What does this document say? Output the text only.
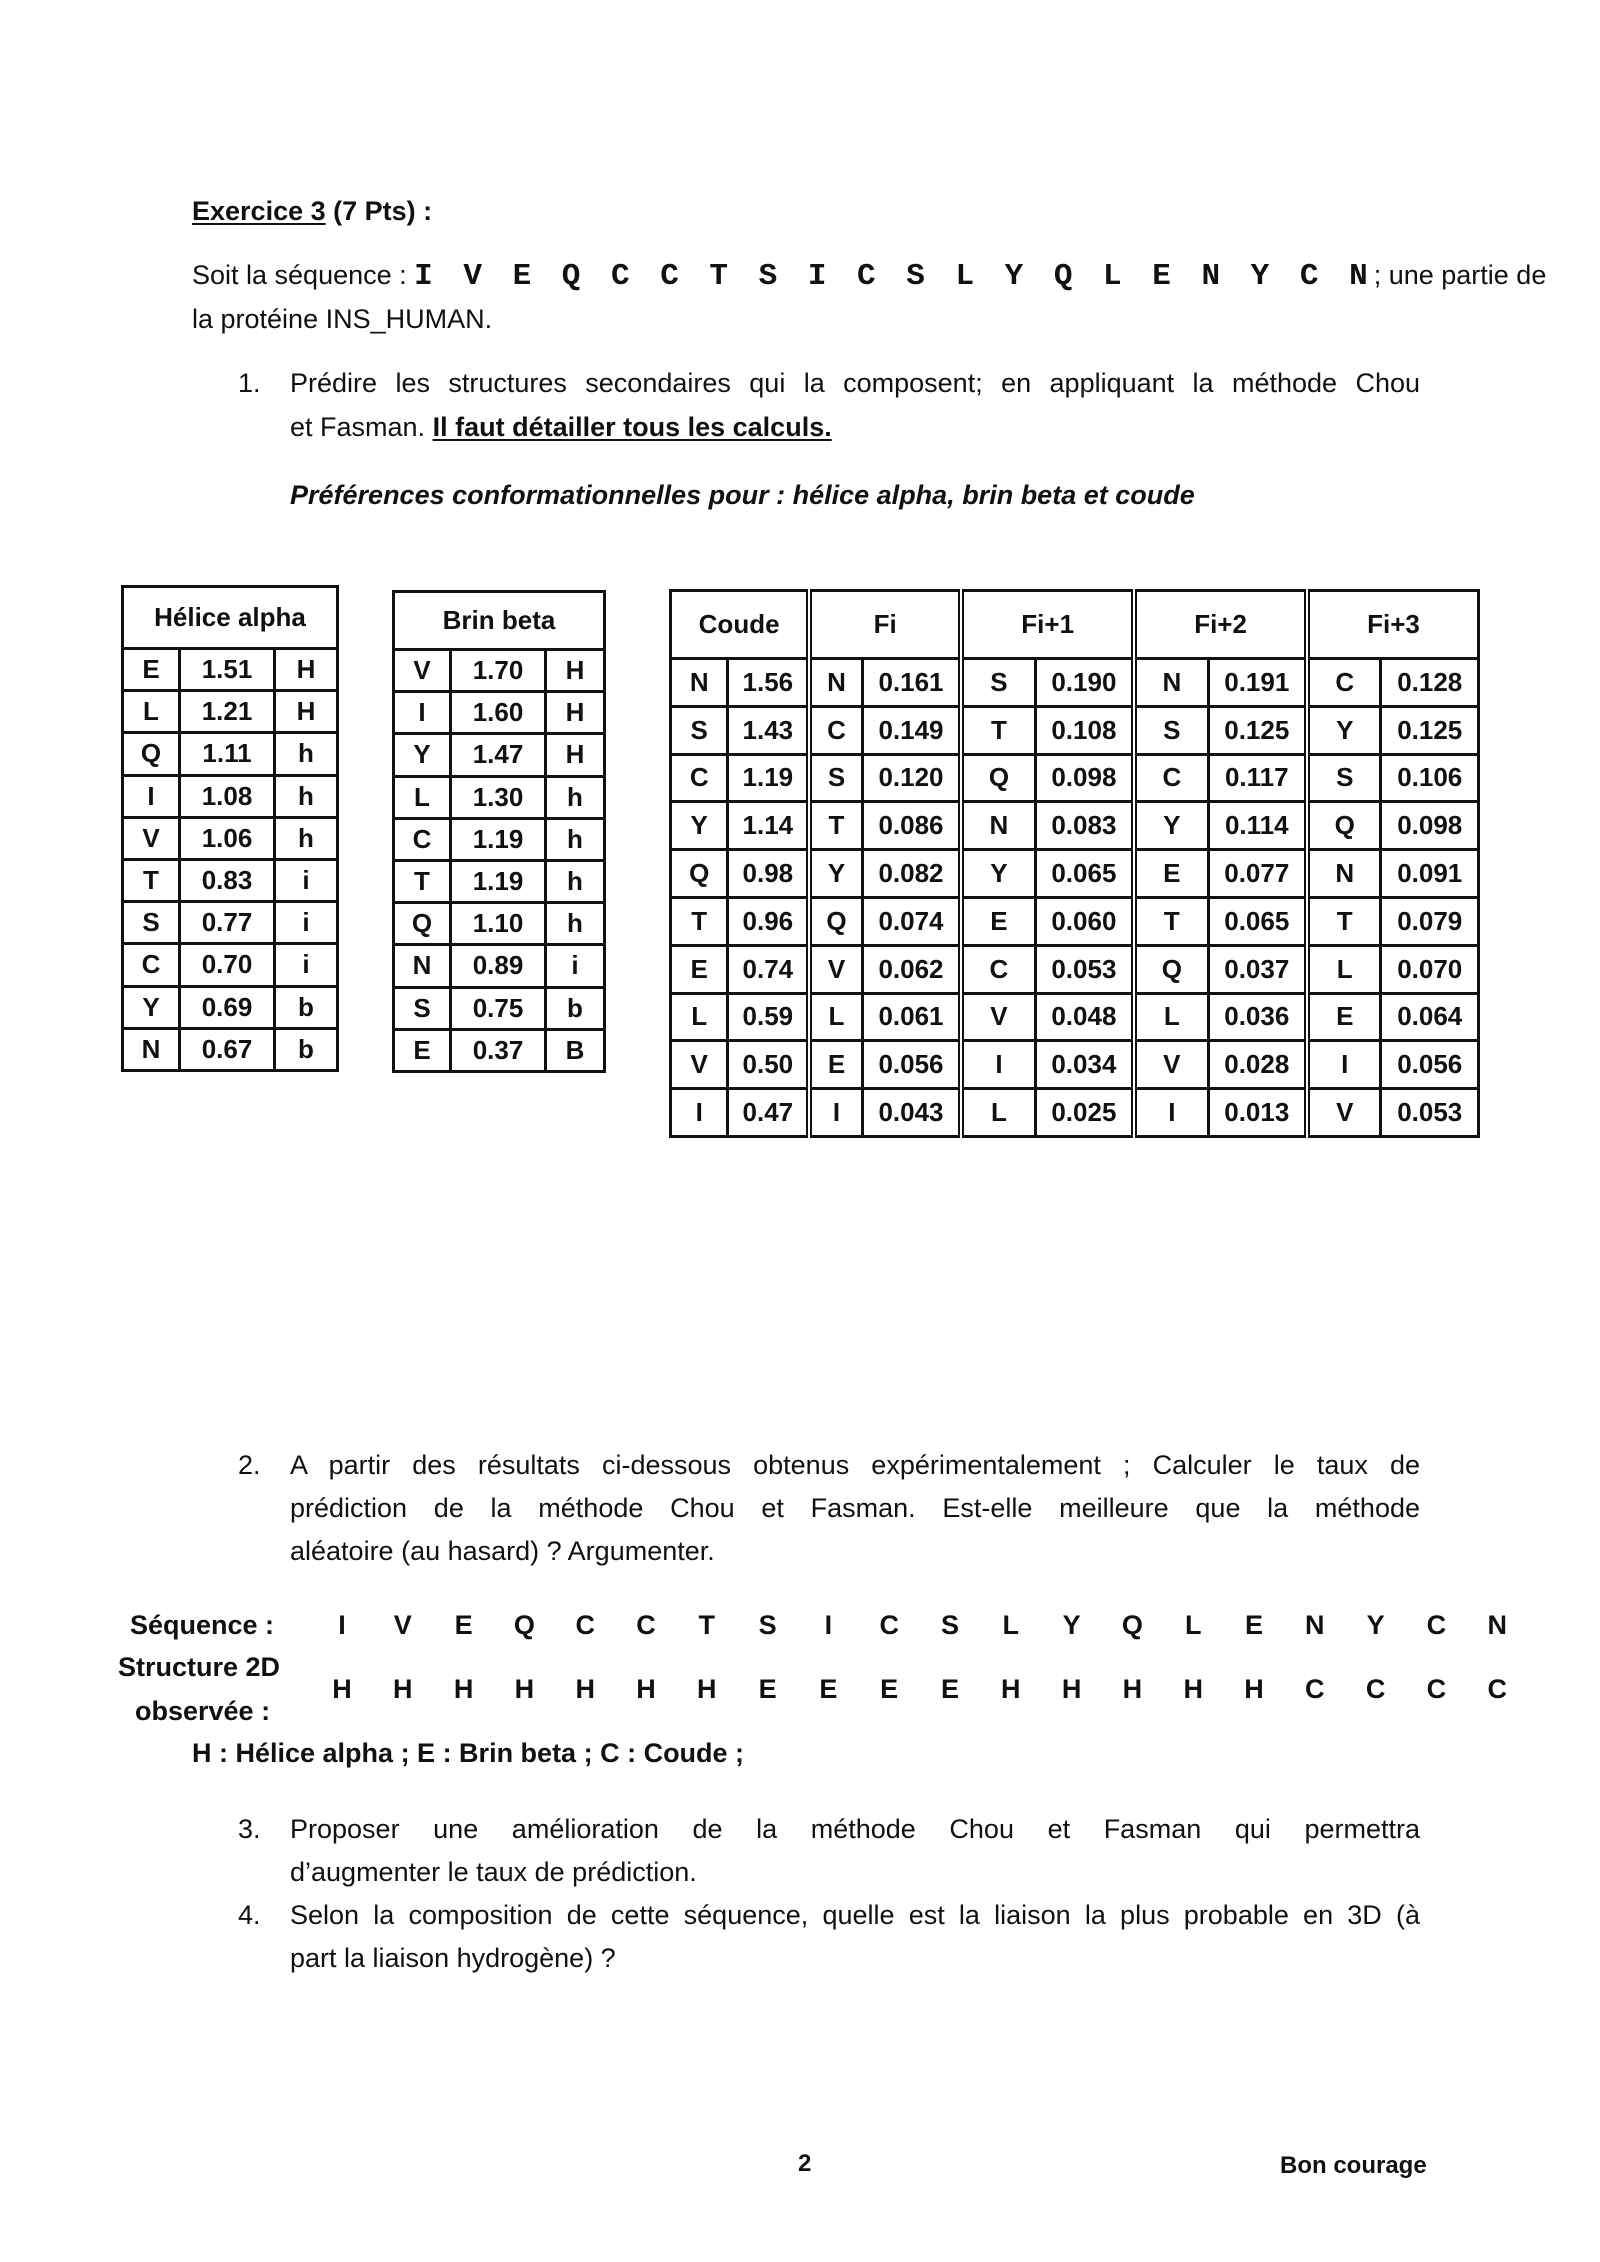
Exercice 3 (7 Pts) :
Soit la séquence : I V E Q C C T S I C S L Y Q L E N Y C N; une partie de
la protéine INS_HUMAN.
1. Prédire les structures secondaires qui la composent; en appliquant la méthode Chou
et Fasman. Il faut détailler tous les calculs.
Préférences conformationnelles pour : hélice alpha, brin beta et coude
Hélice alpha		
E	1.51	H
L	1.21	H
Q	1.11	h
I	1.08	h
V	1.06	h
T	0.83	i
S	0.77	i
C	0.70	i
Y	0.69	b
N	0.67	b
Brin beta		
V	1.70	H
I	1.60	H
Y	1.47	H
L	1.30	h
C	1.19	h
T	1.19	h
Q	1.10	h
N	0.89	i
S	0.75	b
E	0.37	B
Coude		Fi		Fi+1		Fi+2		Fi+3	
N	1.56	N	0.161	S	0.190	N	0.191	C	0.128
S	1.43	C	0.149	T	0.108	S	0.125	Y	0.125
C	1.19	S	0.120	Q	0.098	C	0.117	S	0.106
Y	1.14	T	0.086	N	0.083	Y	0.114	Q	0.098
Q	0.98	Y	0.082	Y	0.065	E	0.077	N	0.091
T	0.96	Q	0.074	E	0.060	T	0.065	T	0.079
E	0.74	V	0.062	C	0.053	Q	0.037	L	0.070
L	0.59	L	0.061	V	0.048	L	0.036	E	0.064
V	0.50	E	0.056	I	0.034	V	0.028	I	0.056
I	0.47	I	0.043	L	0.025	I	0.013	V	0.053
2. A partir des résultats ci-dessous obtenus expérimentalement ; Calculer le taux de
prédiction de la méthode Chou et Fasman. Est-elle meilleure que la méthode
aléatoire (au hasard) ? Argumenter.
Séquence :
Structure 2D
observée :
I	V	E	Q	C	C	T	S	I	C	S	L	Y	Q	L	E	N	Y	C	N
H	H	H	H	H	H	H	E	E	E	E	H	H	H	H	H	C	C	C	C
H : Hélice alpha ; E : Brin beta ; C : Coude ;
3. Proposer une amélioration de la méthode Chou et Fasman qui permettra
d’augmenter le taux de prédiction.
4. Selon la composition de cette séquence, quelle est la liaison la plus probable en 3D (à
part la liaison hydrogène) ?
2	Bon courage
